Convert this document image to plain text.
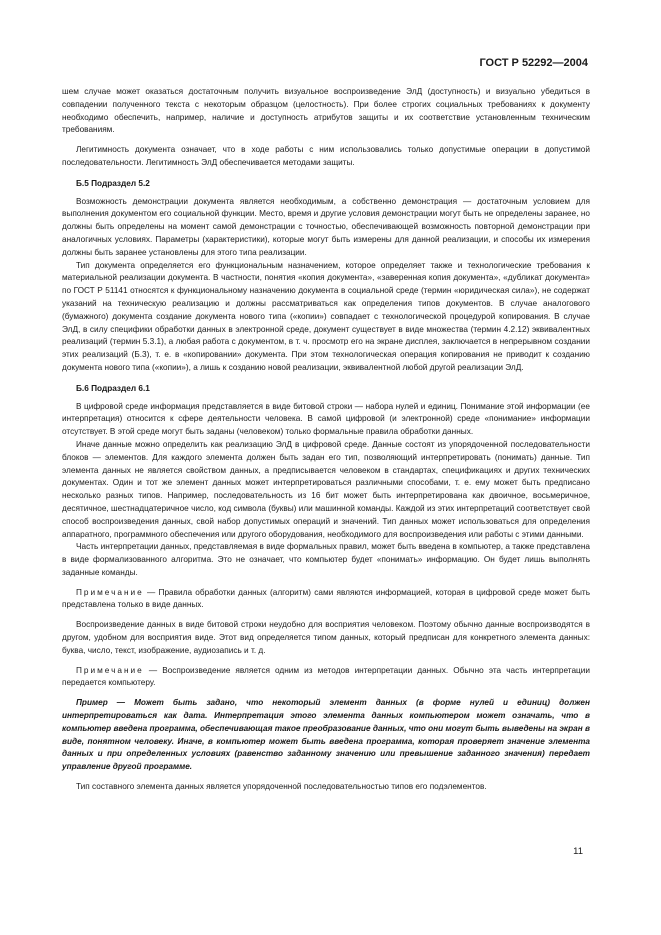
ГОСТ Р 52292—2004

шем случае может оказаться достаточным получить визуальное воспроизведение ЭлД (доступность) и визуально убедиться в совпадении полученного текста с некоторым образцом (целостность). При более строгих социальных требованиях к документу необходимо обеспечить, например, наличие и доступность атрибутов защиты и их соответствие установленным техническим требованиям.

Легитимность документа означает, что в ходе работы с ним использовались только допустимые операции в допустимой последовательности. Легитимность ЭлД обеспечивается методами защиты.

Б.5 Подраздел 5.2

Возможность демонстрации документа является необходимым, а собственно демонстрация — достаточным условием для выполнения документом его социальной функции. Место, время и другие условия демонстрации могут быть не определены заранее, но должны быть определены на момент самой демонстрации с точностью, обеспечивающей возможность повторной демонстрации при аналогичных условиях. Параметры (характеристики), которые могут быть измерены для данной реализации, и способы их измерения должны быть заранее установлены для этого типа реализации.

Тип документа определяется его функциональным назначением, которое определяет также и технологические требования к материальной реализации документа. В частности, понятия «копия документа», «заверенная копия документа», «дубликат документа» по ГОСТ Р 51141 относятся к функциональному назначению документа в социальной среде (термин «юридическая сила»), не содержат указаний на техническую реализацию и должны рассматриваться как определения типов документов. В случае аналогового (бумажного) документа создание документа нового типа («копии») совпадает с технологической процедурой копирования. В случае ЭлД, в силу специфики обработки данных в электронной среде, документ существует в виде множества (термин 4.2.12) эквивалентных реализаций (термин 5.3.1), а любая работа с документом, в т. ч. просмотр его на экране дисплея, заключается в непрерывном создании этих реализаций (Б.3), т. е. в «копировании» документа. При этом технологическая операция копирования не приводит к созданию документа нового типа («копии»), а лишь к созданию новой реализации, эквивалентной любой другой реализации ЭлД.

Б.6 Подраздел 6.1

В цифровой среде информация представляется в виде битовой строки — набора нулей и единиц. Понимание этой информации (ее интерпретация) относится к сфере деятельности человека. В самой цифровой (и электронной) среде «понимание» информации отсутствует. В этой среде могут быть заданы (человеком) только формальные правила обработки данных.

Иначе данные можно определить как реализацию ЭлД в цифровой среде. Данные состоят из упорядоченной последовательности блоков — элементов. Для каждого элемента должен быть задан его тип, позволяющий интерпретировать (понимать) данные. Тип элемента данных не является свойством данных, а предписывается человеком в стандартах, спецификациях и других технических документах. Один и тот же элемент данных может интерпретироваться различными способами, т. е. ему может быть предписано несколько разных типов. Например, последовательность из 16 бит может быть интерпретирована как двоичное, восьмеричное, десятичное, шестнадцатеричное число, код символа (буквы) или машинной команды. Каждой из этих интерпретаций соответствует свой способ воспроизведения данных, свой набор допустимых операций и значений. Тип данных может использоваться для определения аппаратного, программного обеспечения или другого оборудования, необходимого для воспроизведения или работы с этими данными.

Часть интерпретации данных, представляемая в виде формальных правил, может быть введена в компьютер, а также представлена в виде формализованного алгоритма. Это не означает, что компьютер будет «понимать» информацию. Он будет лишь выполнять заданные команды.

Примечание — Правила обработки данных (алгоритм) сами являются информацией, которая в цифровой среде может быть представлена только в виде данных.

Воспроизведение данных в виде битовой строки неудобно для восприятия человеком. Поэтому обычно данные воспроизводятся в другом, удобном для восприятия виде. Этот вид определяется типом данных, который предписан для конкретного элемента данных: буква, число, текст, изображение, аудиозапись и т. д.

Примечание — Воспроизведение является одним из методов интерпретации данных. Обычно эта часть интерпретации передается компьютеру.

Пример — Может быть задано, что некоторый элемент данных (в форме нулей и единиц) должен интерпретироваться как дата. Интерпретация этого элемента данных компьютером может означать, что в компьютер введена программа, обеспечивающая такое преобразование данных, что они могут быть выведены на экран в виде, понятном человеку. Иначе, в компьютер может быть введена программа, которая проверяет значение элемента данных и при определенных условиях (равенство заданному значению или превышение заданного значения) передает управление другой программе.

Тип составного элемента данных является упорядоченной последовательностью типов его подэлементов.

11
